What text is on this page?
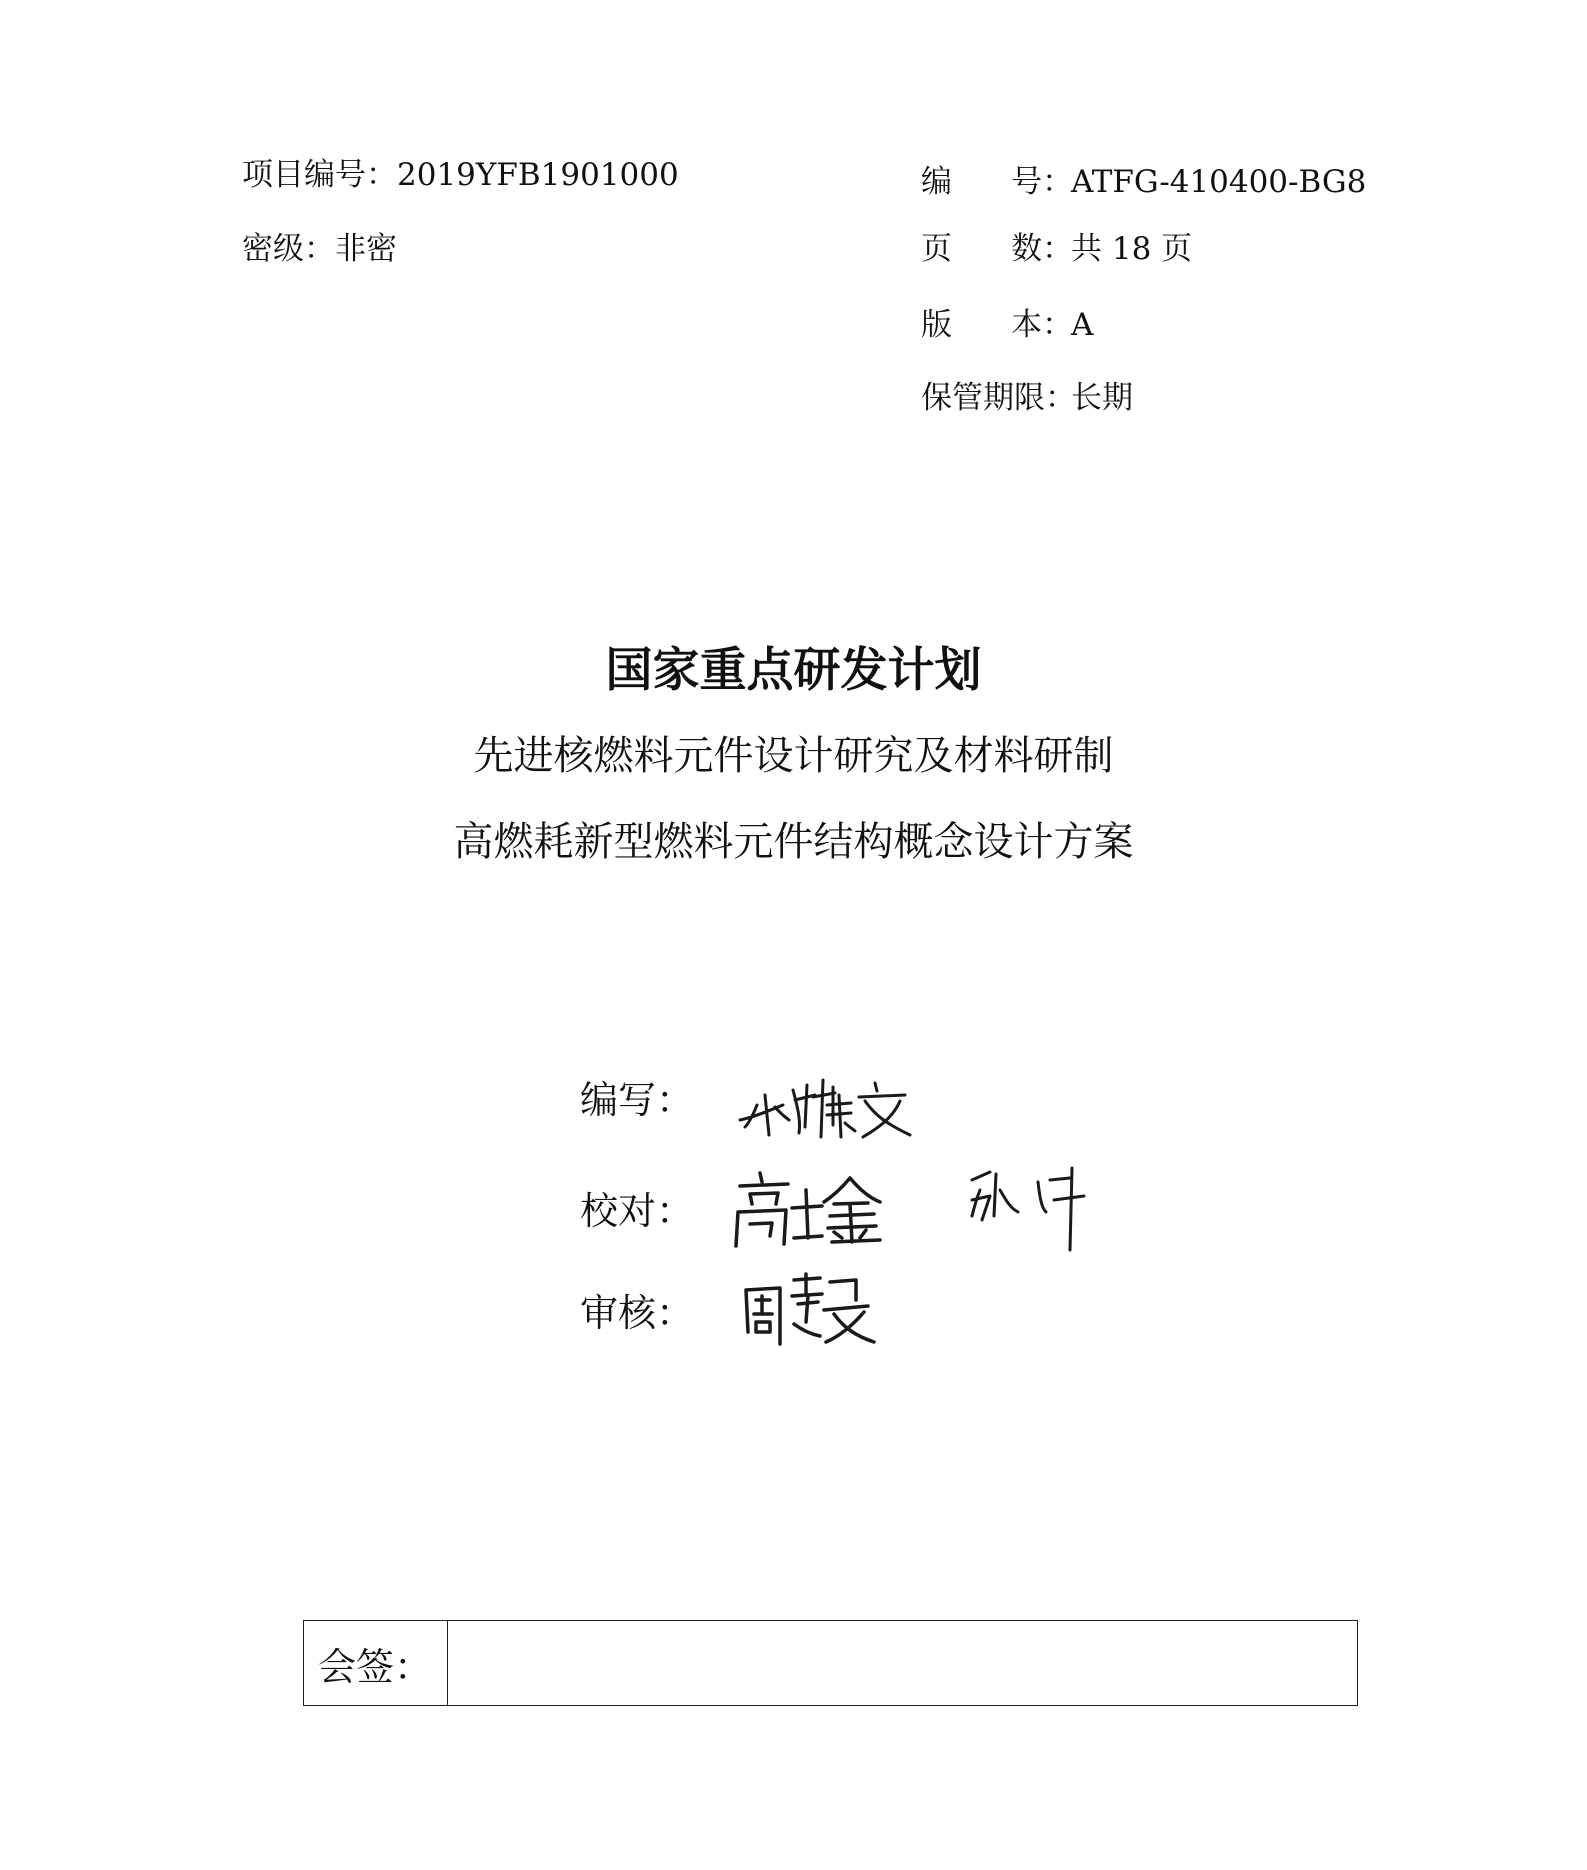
项目编号：2019YFB1901000
密级：非密
编      号：ATFG-410400-BG8
页      数：共 18 页
版      本：A
保管期限：长期
国家重点研发计划
先进核燃料元件设计研究及材料研制
高燃耗新型燃料元件结构概念设计方案
编写：
校对：
审核：
会签：
